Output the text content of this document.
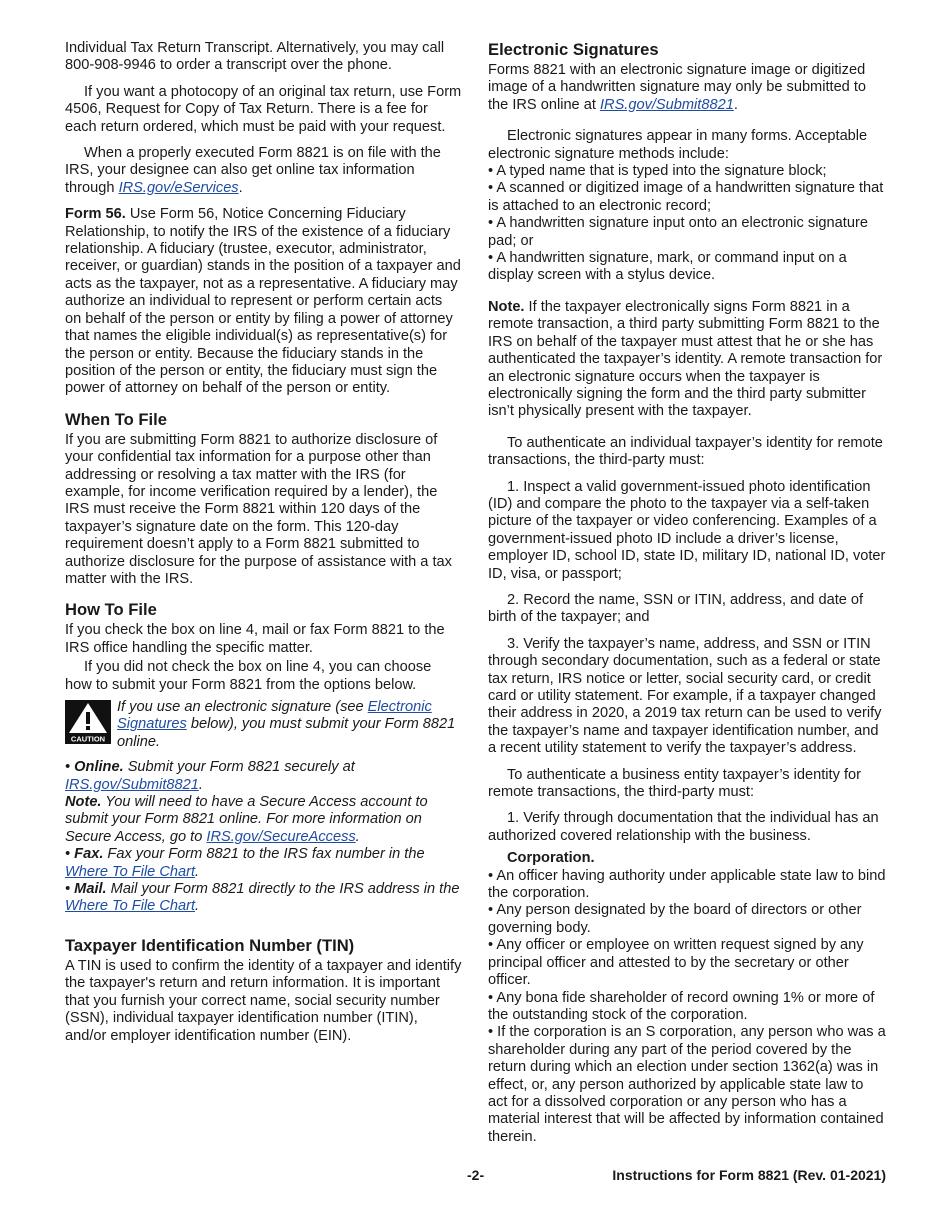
Individual Tax Return Transcript. Alternatively, you may call 800-908-9946 to order a transcript over the phone.

If you want a photocopy of an original tax return, use Form 4506, Request for Copy of Tax Return. There is a fee for each return ordered, which must be paid with your request.

When a properly executed Form 8821 is on file with the IRS, your designee can also get online tax information through IRS.gov/eServices.

Form 56. Use Form 56, Notice Concerning Fiduciary Relationship, to notify the IRS of the existence of a fiduciary relationship. A fiduciary (trustee, executor, administrator, receiver, or guardian) stands in the position of a taxpayer and acts as the taxpayer, not as a representative. A fiduciary may authorize an individual to represent or perform certain acts on behalf of the person or entity by filing a power of attorney that names the eligible individual(s) as representative(s) for the person or entity. Because the fiduciary stands in the position of the person or entity, the fiduciary must sign the power of attorney on behalf of the person or entity.

When To File

If you are submitting Form 8821 to authorize disclosure of your confidential tax information for a purpose other than addressing or resolving a tax matter with the IRS (for example, for income verification required by a lender), the IRS must receive the Form 8821 within 120 days of the taxpayer’s signature date on the form. This 120-day requirement doesn’t apply to a Form 8821 submitted to authorize disclosure for the purpose of assistance with a tax matter with the IRS.

How To File

If you check the box on line 4, mail or fax Form 8821 to the IRS office handling the specific matter.

If you did not check the box on line 4, you can choose how to submit your Form 8821 from the options below.

CAUTION
If you use an electronic signature (see Electronic Signatures below), you must submit your Form 8821 online.

• Online. Submit your Form 8821 securely at IRS.gov/Submit8821.

Note. You will need to have a Secure Access account to submit your Form 8821 online. For more information on Secure Access, go to IRS.gov/SecureAccess.

• Fax. Fax your Form 8821 to the IRS fax number in the Where To File Chart.

• Mail. Mail your Form 8821 directly to the IRS address in the Where To File Chart.

Taxpayer Identification Number (TIN)

A TIN is used to confirm the identity of a taxpayer and identify the taxpayer's return and return information. It is important that you furnish your correct name, social security number (SSN), individual taxpayer identification number (ITIN), and/or employer identification number (EIN).

Electronic Signatures

Forms 8821 with an electronic signature image or digitized image of a handwritten signature may only be submitted to the IRS online at IRS.gov/Submit8821.

Electronic signatures appear in many forms. Acceptable electronic signature methods include:

• A typed name that is typed into the signature block;

• A scanned or digitized image of a handwritten signature that is attached to an electronic record;

• A handwritten signature input onto an electronic signature pad; or

• A handwritten signature, mark, or command input on a display screen with a stylus device.

Note. If the taxpayer electronically signs Form 8821 in a remote transaction, a third party submitting Form 8821 to the IRS on behalf of the taxpayer must attest that he or she has authenticated the taxpayer’s identity. A remote transaction for an electronic signature occurs when the taxpayer is electronically signing the form and the third party submitter isn’t physically present with the taxpayer.

To authenticate an individual taxpayer’s identity for remote transactions, the third-party must:

1. Inspect a valid government-issued photo identification (ID) and compare the photo to the taxpayer via a self-taken picture of the taxpayer or video conferencing. Examples of a government-issued photo ID include a driver’s license, employer ID, school ID, state ID, military ID, national ID, voter ID, visa, or passport;

2. Record the name, SSN or ITIN, address, and date of birth of the taxpayer; and

3. Verify the taxpayer’s name, address, and SSN or ITIN through secondary documentation, such as a federal or state tax return, IRS notice or letter, social security card, or credit card or utility statement. For example, if a taxpayer changed their address in 2020, a 2019 tax return can be used to verify the taxpayer’s name and taxpayer identification number, and a recent utility statement to verify the taxpayer’s address.

To authenticate a business entity taxpayer’s identity for remote transactions, the third-party must:

1. Verify through documentation that the individual has an authorized covered relationship with the business.

Corporation.

• An officer having authority under applicable state law to bind the corporation.

• Any person designated by the board of directors or other governing body.

• Any officer or employee on written request signed by any principal officer and attested to by the secretary or other officer.

• Any bona fide shareholder of record owning 1% or more of the outstanding stock of the corporation.

• If the corporation is an S corporation, any person who was a shareholder during any part of the period covered by the return during which an election under section 1362(a) was in effect, or, any person authorized by applicable state law to act for a dissolved corporation or any person who has a material interest that will be affected by information contained therein.

-2-	Instructions for Form 8821 (Rev. 01-2021)
